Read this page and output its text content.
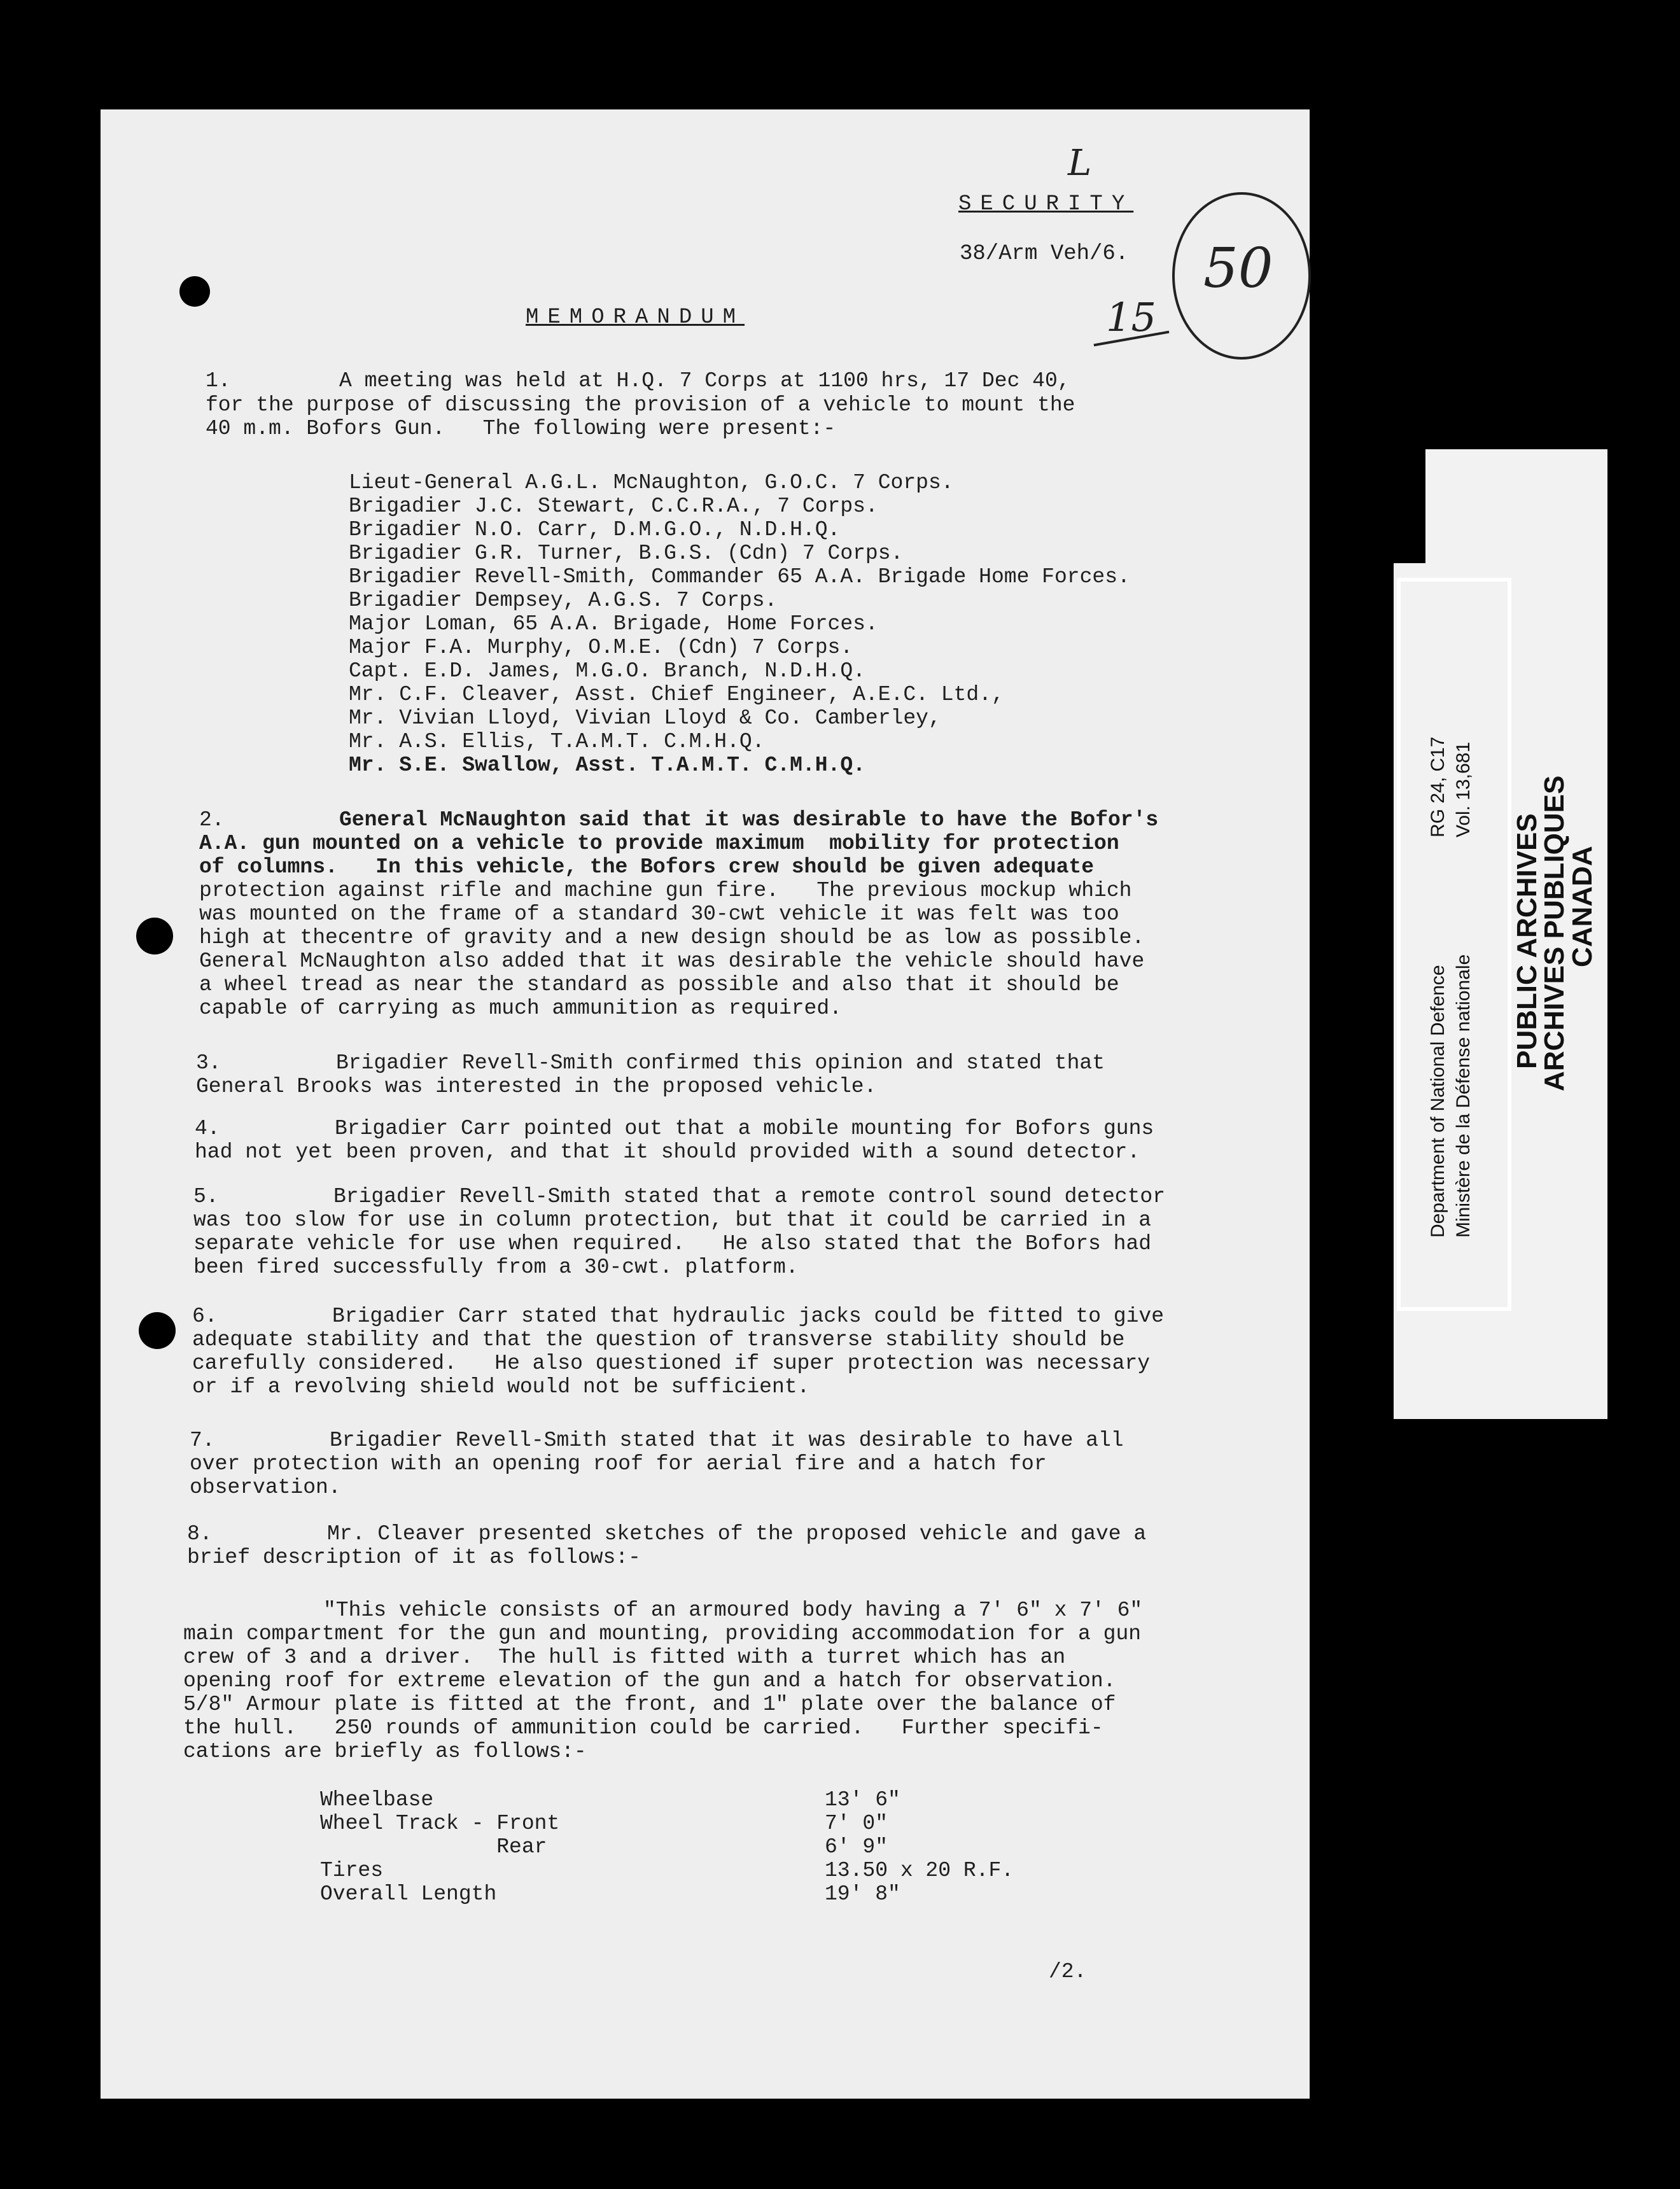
L
SECURITY
38/Arm Veh/6.
15
50
MEMORANDUM
1.	A meeting was held at H.Q. 7 Corps at 1100 hrs, 17 Dec 40,
for the purpose of discussing the provision of a vehicle to mount the
40 m.m. Bofors Gun.   The following were present:-
Lieut-General A.G.L. McNaughton, G.O.C. 7 Corps.
Brigadier J.C. Stewart, C.C.R.A., 7 Corps.
Brigadier N.O. Carr, D.M.G.O., N.D.H.Q.
Brigadier G.R. Turner, B.G.S. (Cdn) 7 Corps.
Brigadier Revell-Smith, Commander 65 A.A. Brigade Home Forces.
Brigadier Dempsey, A.G.S. 7 Corps.
Major Loman, 65 A.A. Brigade, Home Forces.
Major F.A. Murphy, O.M.E. (Cdn) 7 Corps.
Capt. E.D. James, M.G.O. Branch, N.D.H.Q.
Mr. C.F. Cleaver, Asst. Chief Engineer, A.E.C. Ltd.,
Mr. Vivian Lloyd, Vivian Lloyd & Co. Camberley,
Mr. A.S. Ellis, T.A.M.T. C.M.H.Q.
Mr. S.E. Swallow, Asst. T.A.M.T. C.M.H.Q.
2.	General McNaughton said that it was desirable to have the Bofor's
A.A. gun mounted on a vehicle to provide maximum  mobility for protection
of columns.   In this vehicle, the Bofors crew should be given adequate
protection against rifle and machine gun fire.   The previous mockup which
was mounted on the frame of a standard 30-cwt vehicle it was felt was too
high at thecentre of gravity and a new design should be as low as possible.
General McNaughton also added that it was desirable the vehicle should have
a wheel tread as near the standard as possible and also that it should be
capable of carrying as much ammunition as required.
3.	Brigadier Revell-Smith confirmed this opinion and stated that
General Brooks was interested in the proposed vehicle.
4.	Brigadier Carr pointed out that a mobile mounting for Bofors guns
had not yet been proven, and that it should provided with a sound detector.
5.	Brigadier Revell-Smith stated that a remote control sound detector
was too slow for use in column protection, but that it could be carried in a
separate vehicle for use when required.   He also stated that the Bofors had
been fired successfully from a 30-cwt. platform.
6.	Brigadier Carr stated that hydraulic jacks could be fitted to give
adequate stability and that the question of transverse stability should be
carefully considered.   He also questioned if super protection was necessary
or if a revolving shield would not be sufficient.
7.	Brigadier Revell-Smith stated that it was desirable to have all
over protection with an opening roof for aerial fire and a hatch for
observation.
8.	Mr. Cleaver presented sketches of the proposed vehicle and gave a
brief description of it as follows:-
"This vehicle consists of an armoured body having a 7' 6" x 7' 6"
main compartment for the gun and mounting, providing accommodation for a gun
crew of 3 and a driver.  The hull is fitted with a turret which has an
opening roof for extreme elevation of the gun and a hatch for observation.
5/8" Armour plate is fitted at the front, and 1" plate over the balance of
the hull.   250 rounds of ammunition could be carried.   Further specifi-
cations are briefly as follows:-
Wheelbase	13' 6"
Wheel Track - Front	7' 0"
Rear	6' 9"
Tires	13.50 x 20 R.F.
Overall Length	19' 8"
/2.
Department of National Defence Ministère de la Défense nationale
RG 24, C17 Vol. 13,681
PUBLIC ARCHIVES
ARCHIVES PUBLIQUES
CANADA
